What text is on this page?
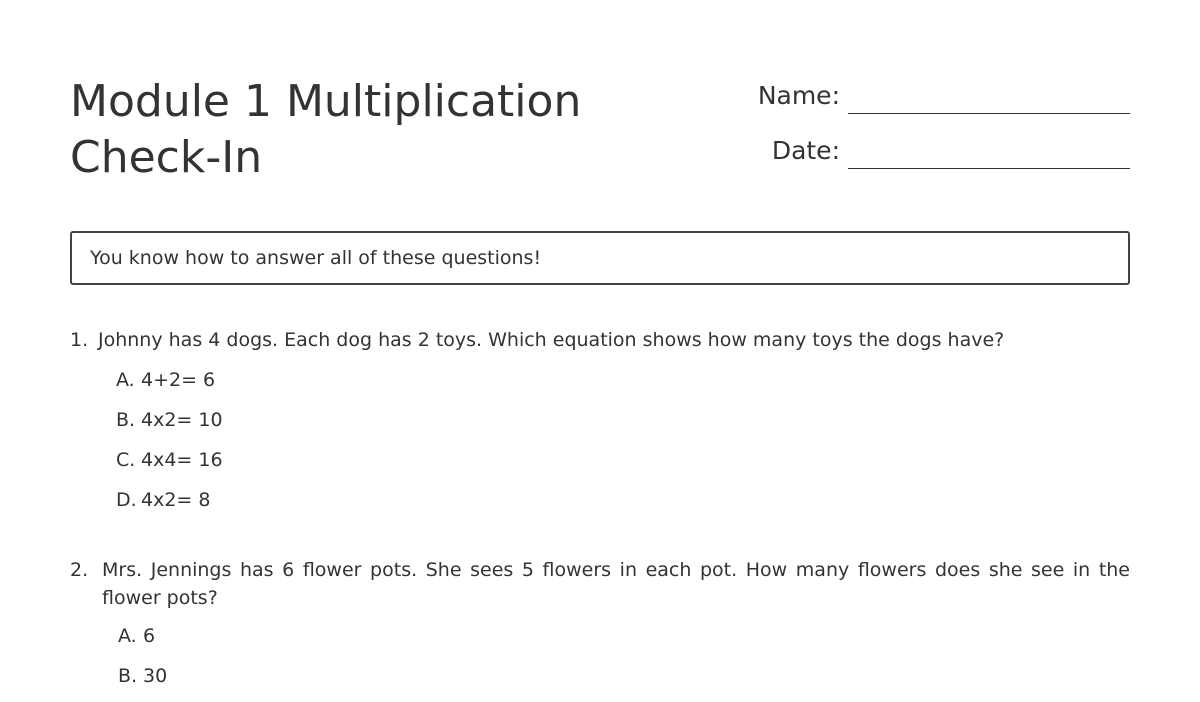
Module 1 Multiplication
Check-In
Name:
Date:
You know how to answer all of these questions!
1. Johnny has 4 dogs. Each dog has 2 toys. Which equation shows how many toys the dogs have?
A. 4+2= 6
B. 4x2= 10
C. 4x4= 16
D. 4x2= 8
2. Mrs. Jennings has 6 flower pots. She sees 5 flowers in each pot. How many flowers does she see in the flower pots?
A. 6
B. 30
